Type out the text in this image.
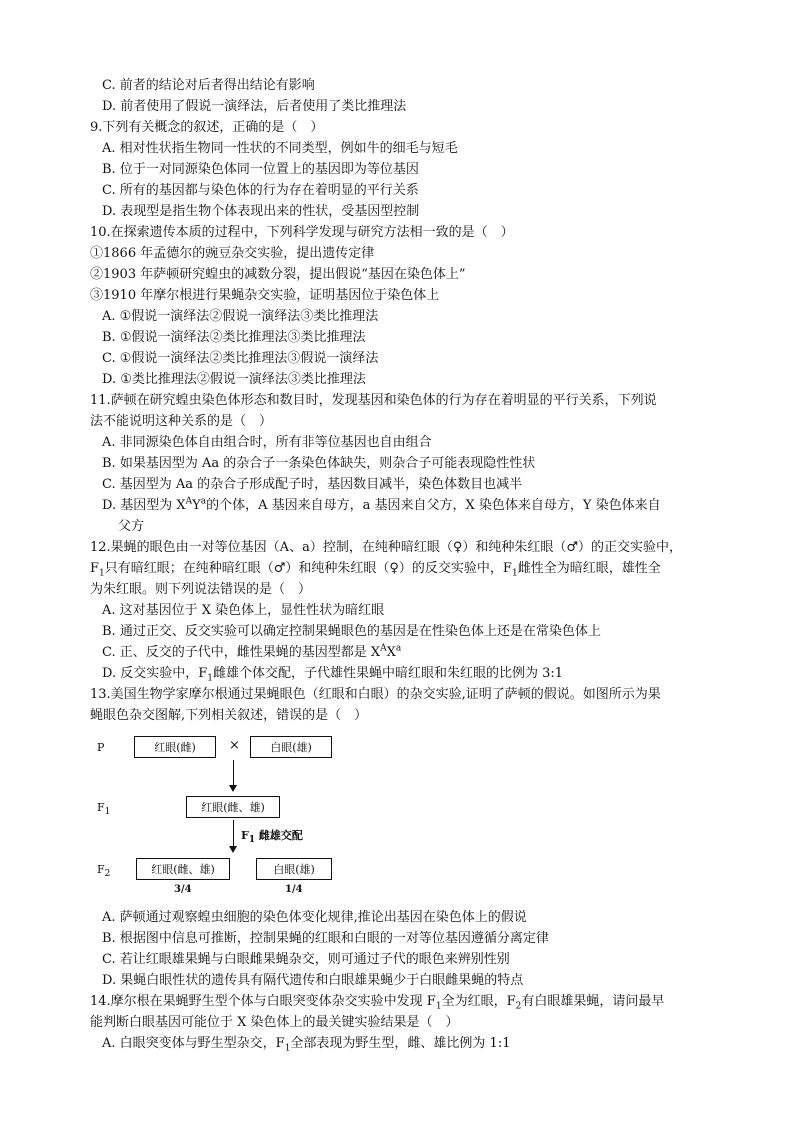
C. 前者的结论对后者得出结论有影响
D. 前者使用了假说一演绎法，后者使用了类比推理法
9.下列有关概念的叙述，正确的是（　）
A. 相对性状指生物同一性状的不同类型，例如牛的细毛与短毛
B. 位于一对同源染色体同一位置上的基因即为等位基因
C. 所有的基因都与染色体的行为存在着明显的平行关系
D. 表现型是指生物个体表现出来的性状，受基因型控制
10.在探索遗传本质的过程中，下列科学发现与研究方法相一致的是（　）
①1866 年孟德尔的豌豆杂交实验，提出遗传定律
②1903 年萨顿研究蝗虫的减数分裂，提出假说“基因在染色体上”
③1910 年摩尔根进行果蝇杂交实验，证明基因位于染色体上
A. ①假说一演绎法②假说一演绎法③类比推理法
B. ①假说一演绎法②类比推理法③类比推理法
C. ①假说一演绎法②类比推理法③假说一演绎法
D. ①类比推理法②假说一演绎法③类比推理法
11.萨顿在研究蝗虫染色体形态和数目时，发现基因和染色体的行为存在着明显的平行关系，下列说
法不能说明这种关系的是（　）
A. 非同源染色体自由组合时，所有非等位基因也自由组合
B. 如果基因型为 Aa 的杂合子一条染色体缺失，则杂合子可能表现隐性性状
C. 基因型为 Aa 的杂合子形成配子时，基因数目减半，染色体数目也减半
D. 基因型为 $X^AY^a$的个体，A 基因来自母方，a 基因来自父方，X 染色体来自母方，Y 染色体来自
父方
12.果蝇的眼色由一对等位基因（A、a）控制，在纯种暗红眼（♀）和纯种朱红眼（♂）的正交实验中，
$F_1$只有暗红眼；在纯种暗红眼（♂）和纯种朱红眼（♀）的反交实验中，$F_1$雌性全为暗红眼，雄性全
为朱红眼。则下列说法错误的是（　）
A. 这对基因位于 X 染色体上，显性性状为暗红眼
B. 通过正交、反交实验可以确定控制果蝇眼色的基因是在性染色体上还是在常染色体上
C. 正、反交的子代中，雌性果蝇的基因型都是 $X^AX^a$
D. 反交实验中，$F_1$雌雄个体交配，子代雄性果蝇中暗红眼和朱红眼的比例为 3:1
13.美国生物学家摩尔根通过果蝇眼色（红眼和白眼）的杂交实验,证明了萨顿的假说。如图所示为果
蝇眼色杂交图解,下列相关叙述，错误的是（　）
P	红眼(雌)	×	白眼(雄)
$F_1$	红眼(雌、雄)
$F_1$ 雌雄交配
$F_2$	红眼(雌、雄)	白眼(雄)
3/4	1/4
A. 萨顿通过观察蝗虫细胞的染色体变化规律,推论出基因在染色体上的假说
B. 根据图中信息可推断，控制果蝇的红眼和白眼的一对等位基因遵循分离定律
C. 若让红眼雄果蝇与白眼雌果蝇杂交，则可通过子代的眼色来辨别性别
D. 果蝇白眼性状的遗传具有隔代遗传和白眼雄果蝇少于白眼雌果蝇的特点
14.摩尔根在果蝇野生型个体与白眼突变体杂交实验中发现 $F_1$全为红眼，$F_2$有白眼雄果蝇，请问最早
能判断白眼基因可能位于 X 染色体上的最关键实验结果是（　）
A. 白眼突变体与野生型杂交，$F_1$全部表现为野生型，雌、雄比例为 1:1
